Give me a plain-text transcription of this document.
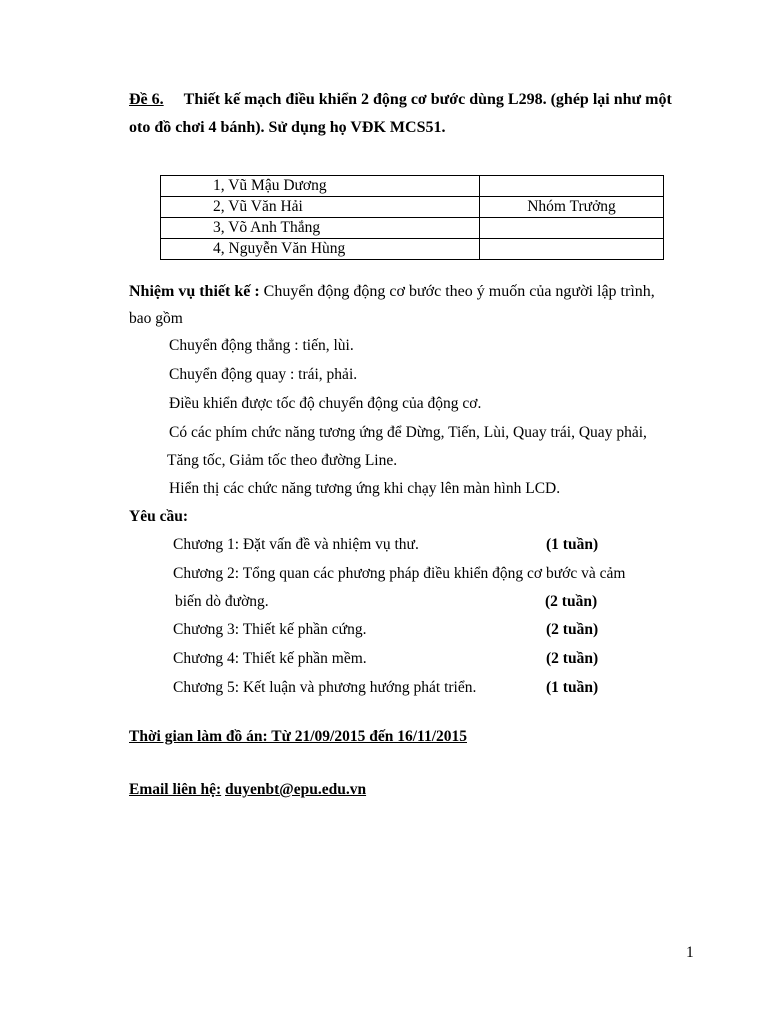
Đề 6. Thiết kế mạch điều khiển 2 động cơ bước dùng L298. (ghép lại như một
oto đồ chơi 4 bánh). Sử dụng họ VĐK MCS51.
1, Vũ Mậu Dương	
2, Vũ Văn Hải	Nhóm Trưởng
3, Võ Anh Thắng	
4, Nguyễn Văn Hùng	
Nhiệm vụ thiết kế : Chuyển động động cơ bước theo ý muốn của người lập trình,
bao gồm
Chuyển động thẳng : tiến, lùi.
Chuyển động quay : trái, phải.
Điều khiển được tốc độ chuyển động của động cơ.
Có các phím chức năng tương ứng để Dừng, Tiến, Lùi, Quay trái, Quay phải,
Tăng tốc, Giảm tốc theo đường Line.
Hiển thị các chức năng tương ứng khi chạy lên màn hình LCD.
Yêu cầu:
Chương 1: Đặt vấn đề và nhiệm vụ thư.	(1 tuần)
Chương 2: Tổng quan các phương pháp điều khiển động cơ bước và cảm
biến dò đường.	(2 tuần)
Chương 3: Thiết kế phần cứng.	(2 tuần)
Chương 4: Thiết kế phần mềm.	(2 tuần)
Chương 5: Kết luận và phương hướng phát triển.	(1 tuần)
Thời gian làm đồ án: Từ 21/09/2015 đến 16/11/2015
Email liên hệ: duyenbt@epu.edu.vn
1
